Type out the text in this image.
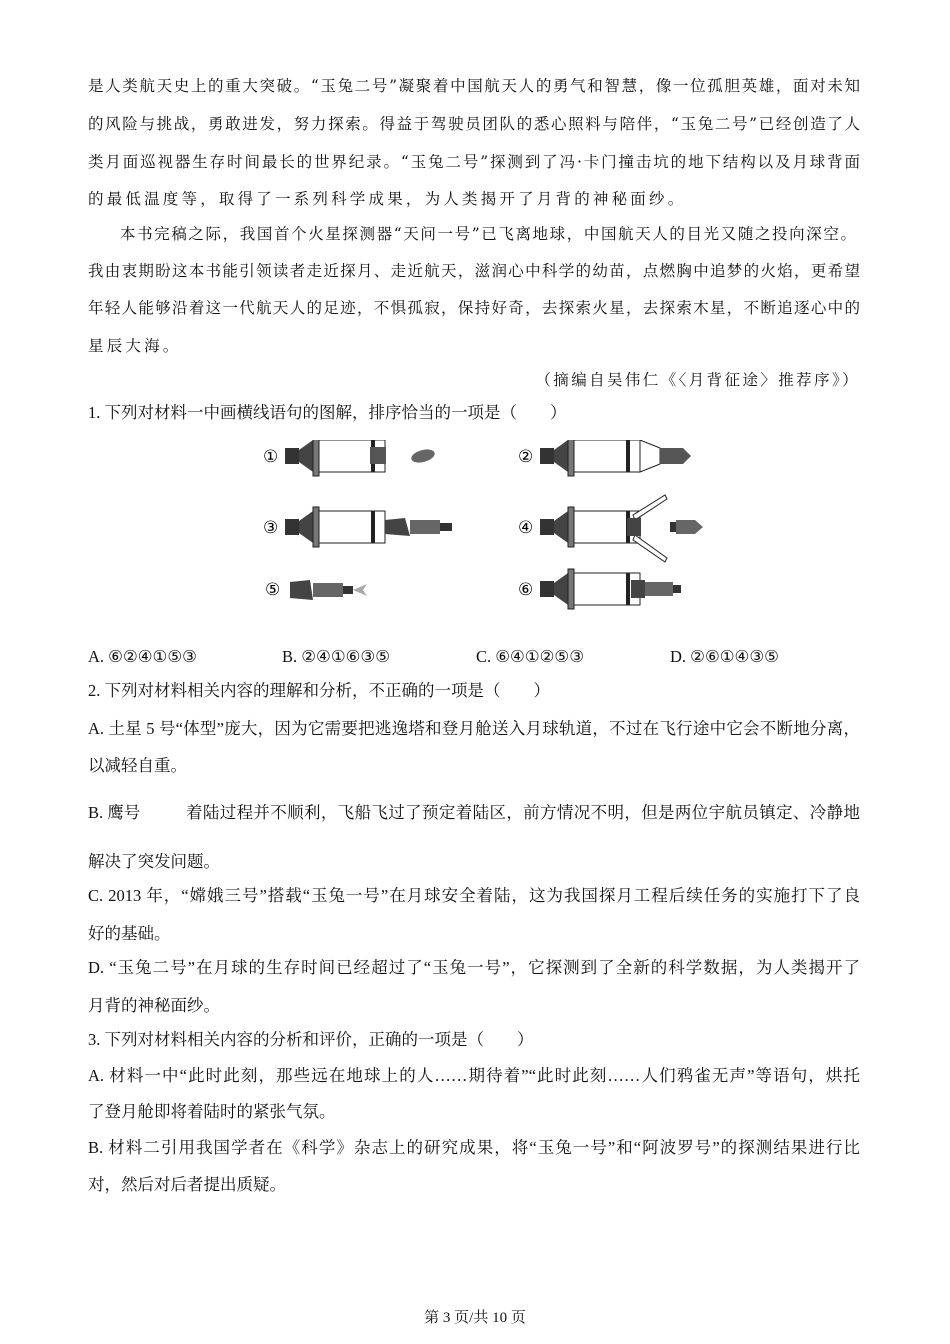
是人类航天史上的重大突破。“玉兔二号”凝聚着中国航天人的勇气和智慧，像一位孤胆英雄，面对未知
的风险与挑战，勇敢进发，努力探索。得益于驾驶员团队的悉心照料与陪伴，“玉兔二号”已经创造了人
类月面巡视器生存时间最长的世界纪录。“玉兔二号”探测到了冯·卡门撞击坑的地下结构以及月球背面
的最低温度等，取得了一系列科学成果，为人类揭开了月背的神秘面纱。
本书完稿之际，我国首个火星探测器“天问一号”已飞离地球，中国航天人的目光又随之投向深空。
我由衷期盼这本书能引领读者走近探月、走近航天，滋润心中科学的幼苗，点燃胸中追梦的火焰，更希望
年轻人能够沿着这一代航天人的足迹，不惧孤寂，保持好奇，去探索火星，去探索木星，不断追逐心中的
星辰大海。
（摘编自吴伟仁《〈月背征途〉推荐序》）
1. 下列对材料一中画横线语句的图解，排序恰当的一项是（　　）
①	②
③	④
⑤	⑥
A. ⑥②④①⑤③	B. ②④①⑥③⑤	C. ⑥④①②⑤③	D. ②⑥①④③⑤
2. 下列对材料相关内容的理解和分析，不正确的一项是（　　）
A. 土星 5 号“体型”庞大，因为它需要把逃逸塔和登月舱送入月球轨道，不过在飞行途中它会不断地分离，
以减轻自重。
B. 鹰号	着陆过程并不顺利，飞船飞过了预定着陆区，前方情况不明，但是两位宇航员镇定、冷静地
解决了突发问题。
C. 2013 年，“嫦娥三号”搭载“玉兔一号”在月球安全着陆，这为我国探月工程后续任务的实施打下了良
好的基础。
D. “玉兔二号”在月球的生存时间已经超过了“玉兔一号”，它探测到了全新的科学数据，为人类揭开了
月背的神秘面纱。
3. 下列对材料相关内容的分析和评价，正确的一项是（　　）
A. 材料一中“此时此刻，那些远在地球上的人……期待着”“此时此刻……人们鸦雀无声”等语句，烘托
了登月舱即将着陆时的紧张气氛。
B. 材料二引用我国学者在《科学》杂志上的研究成果，将“玉兔一号”和“阿波罗号”的探测结果进行比
对，然后对后者提出质疑。
第 3 页/共 10 页
